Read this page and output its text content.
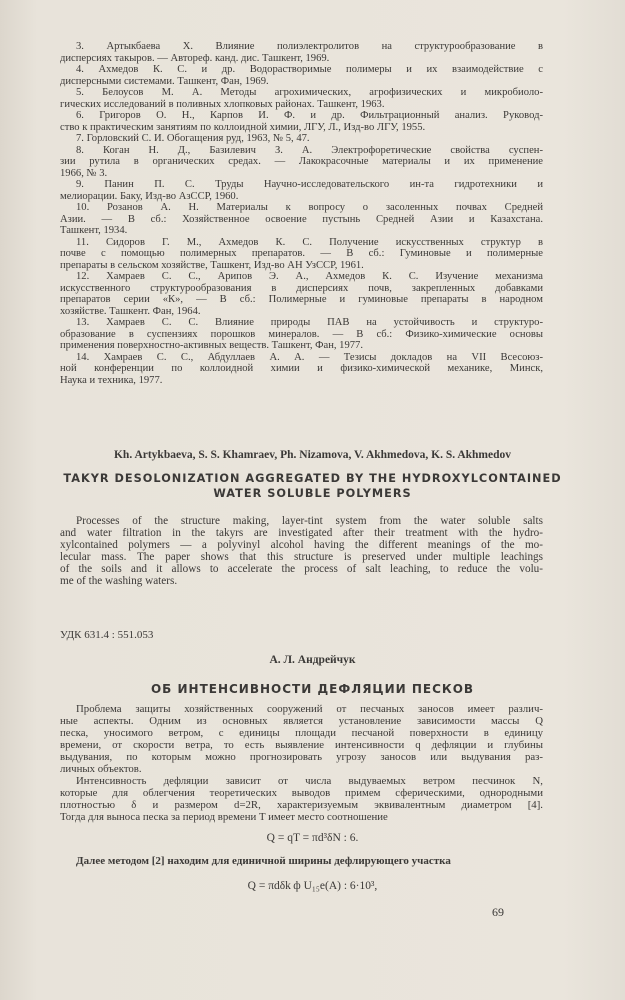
3. Артыкбаева Х. Влияние полиэлектролитов на структурообразование в
дисперсиях такыров. — Автореф. канд. дис. Ташкент, 1969.
4. Ахмедов К. С. и др. Водорастворимые полимеры и их взаимодействие с
дисперсными системами. Ташкент, Фан, 1969.
5. Белоусов М. А. Методы агрохимических, агрофизических и микробиоло-
гических исследований в поливных хлопковых районах. Ташкент, 1963.
6. Григоров О. Н., Карпов И. Ф. и др. Фильтрационный анализ. Руковод-
ство к практическим занятиям по коллоидной химии, ЛГУ, Л., Изд-во ЛГУ, 1955.
7. Горловский С. И. Обогащения руд, 1963, № 5, 47.
8. Коган Н. Д., Базилевич З. А. Электрофоретические свойства суспен-
зии рутила в органических средах. — Лакокрасочные материалы и их применение
1966, № 3.
9. Панин П. С. Труды Научно-исследовательского ин-та гидротехники и
мелиорации. Баку, Изд-во АзССР, 1960.
10. Розанов А. Н. Материалы к вопросу о засоленных почвах Средней
Азии. — В сб.: Хозяйственное освоение пустынь Средней Азии и Казахстана.
Ташкент, 1934.
11. Сидоров Г. М., Ахмедов К. С. Получение искусственных структур в
почве с помощью полимерных препаратов. — В сб.: Гуминовые и полимерные
препараты в сельском хозяйстве, Ташкент, Изд-во АН УзССР, 1961.
12. Хамраев С. С., Арипов Э. А., Ахмедов К. С. Изучение механизма
искусственного структурообразования в дисперсиях почв, закрепленных добавками
препаратов серии «К», — В сб.: Полимерные и гуминовые препараты в народном
хозяйстве. Ташкент. Фан, 1964.
13. Хамраев С. С. Влияние природы ПАВ на устойчивость и структуро-
образование в суспензиях порошков минералов. — В сб.: Физико-химические основы
применения поверхностно-активных веществ. Ташкент, Фан, 1977.
14. Хамраев С. С., Абдуллаев А. А. — Тезисы докладов на VII Всесоюз-
ной конференции по коллоидной химии и физико-химической механике, Минск,
Наука и техника, 1977.
Kh. Artykbaeva, S. S. Khamraev, Ph. Nizamova, V. Akhmedova, K. S. Akhmedov
TAKYR DESOLONIZATION AGGREGATED BY THE HYDROXYLCONTAINED
WATER SOLUBLE POLYMERS
Processes of the structure making, layer-tint system from the water soluble salts
and water filtration in the takyrs are investigated after their treatment with the hydro-
xylcontained polymers — a polyvinyl alcohol having the different meanings of the mo-
lecular mass. The paper shows that this structure is preserved under multiple leachings
of the soils and it allows to accelerate the process of salt leaching, to reduce the volu-
me of the washing waters.
УДК 631.4 : 551.053
А. Л. Андрейчук
ОБ ИНТЕНСИВНОСТИ ДЕФЛЯЦИИ ПЕСКОВ
Проблема защиты хозяйственных сооружений от песчаных заносов имеет различ-
ные аспекты. Одним из основных является установление зависимости массы Q
песка, уносимого ветром, с единицы площади песчаной поверхности в единицу
времени, от скорости ветра, то есть выявление интенсивности q дефляции и глубины
выдувания, по которым можно прогнозировать угрозу заносов или выдувания раз-
личных объектов.
Интенсивность дефляции зависит от числа выдуваемых ветром песчинок N,
которые для облегчения теоретических выводов примем сферическими, однородными
плотностью δ и размером d=2R, характеризуемым эквивалентным диаметром [4].
Тогда для выноса песка за период времени T имеет место соотношение
Q = qT = πd³δN : 6.
Далее методом [2] находим для единичной ширины дефлирующего участка
Q = πdδk ф U₁₅e(A) : 6·10³,
69
